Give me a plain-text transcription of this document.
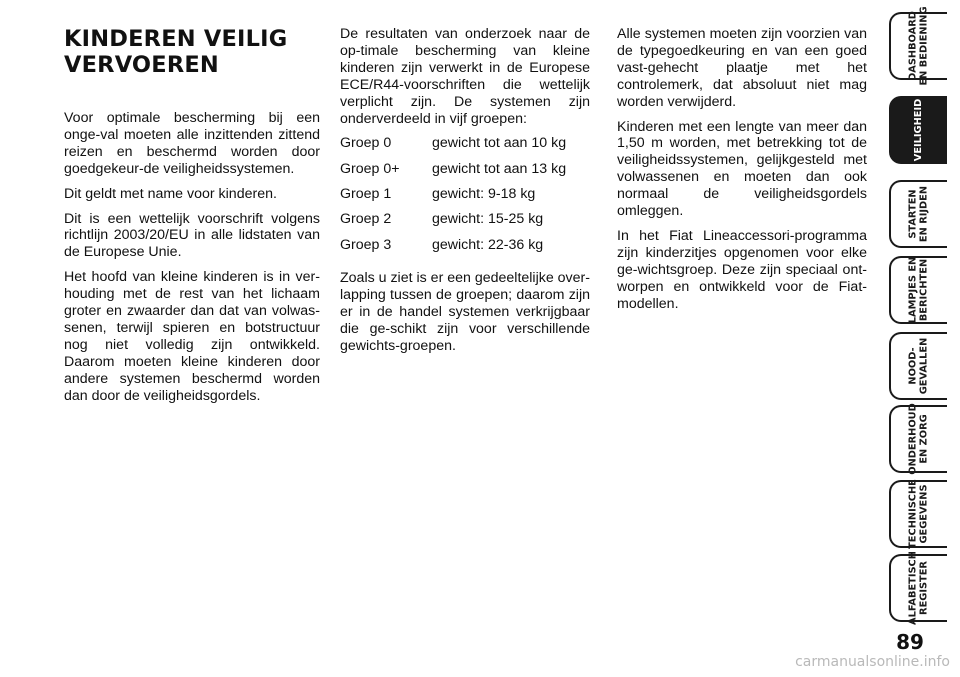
KINDEREN VEILIG
VERVOEREN

Voor optimale bescherming bij een onge-val moeten alle inzittenden zittend reizen en beschermd worden door goedgekeur-de veiligheidssystemen.

Dit geldt met name voor kinderen.

Dit is een wettelijk voorschrift volgens richtlijn 2003/20/EU in alle lidstaten van de Europese Unie.

Het hoofd van kleine kinderen is in ver-houding met de rest van het lichaam groter en zwaarder dan dat van volwas-senen, terwijl spieren en botstructuur nog niet volledig zijn ontwikkeld. Daarom moeten kleine kinderen door andere systemen beschermd worden dan door de veiligheidsgordels.

De resultaten van onderzoek naar de op-timale bescherming van kleine kinderen zijn verwerkt in de Europese ECE/R44-voorschriften die wettelijk verplicht zijn. De systemen zijn onderverdeeld in vijf groepen:

Groep 0	gewicht tot aan 10 kg
Groep 0+	gewicht tot aan 13 kg
Groep 1	gewicht: 9-18 kg
Groep 2	gewicht: 15-25 kg
Groep 3	gewicht: 22-36 kg

Zoals u ziet is er een gedeeltelijke over-lapping tussen de groepen; daarom zijn er in de handel systemen verkrijgbaar die ge-schikt zijn voor verschillende gewichts-groepen.

Alle systemen moeten zijn voorzien van de typegoedkeuring en van een goed vast-gehecht plaatje met het controlemerk, dat absoluut niet mag worden verwijderd.

Kinderen met een lengte van meer dan 1,50 m worden, met betrekking tot de veiligheidssystemen, gelijkgesteld met volwassenen en moeten dan ook normaal de veiligheidsgordels omleggen.

In het Fiat Lineaccessori-programma zijn kinderzitjes opgenomen voor elke ge-wichtsgroep. Deze zijn speciaal ont-worpen en ontwikkeld voor de Fiat-modellen.

DASHBOARD
EN BEDIENING
VEILIGHEID
STARTEN
EN RIJDEN
LAMPJES EN
BERICHTEN
NOOD-
GEVALLEN
ONDERHOUD
EN ZORG
TECHNISCHE
GEGEVENS
ALFABETISCH
REGISTER
89
carmanualsonline.info
